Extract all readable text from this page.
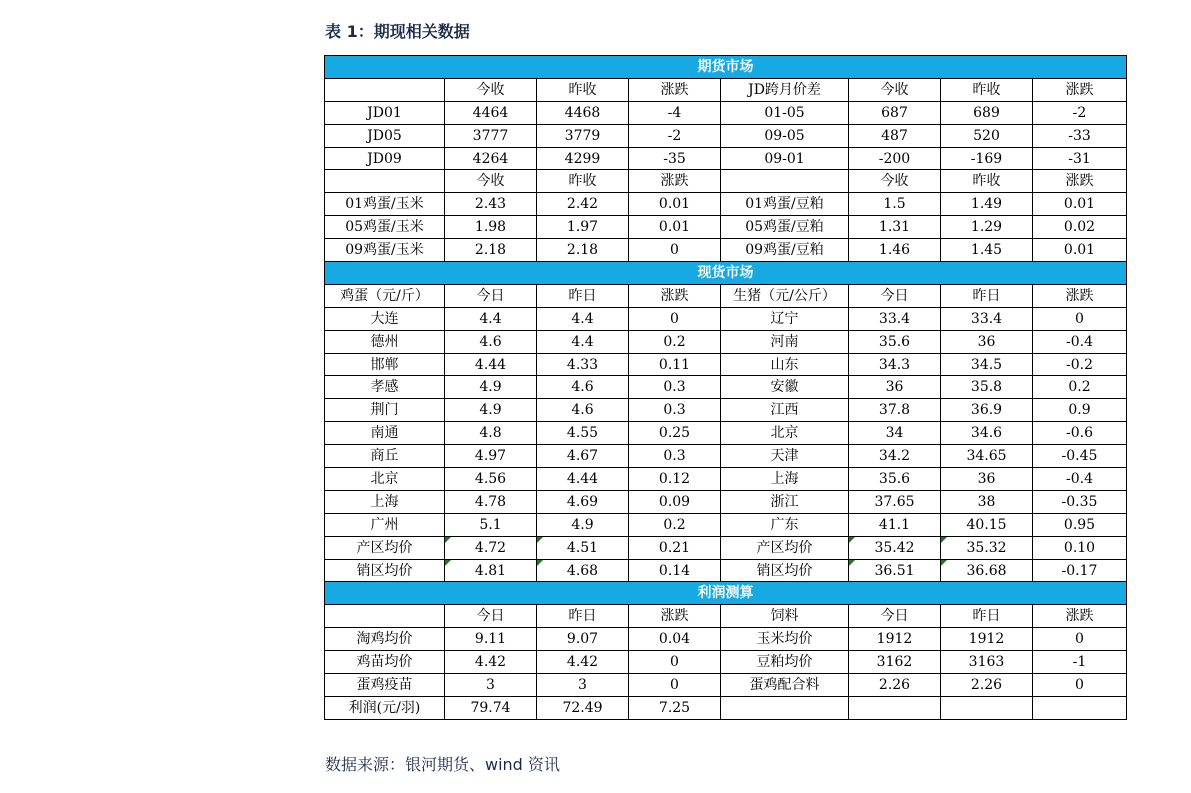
表 1：期现相关数据
期货市场							
	今收	昨收	涨跌	JD跨月价差	今收	昨收	涨跌
JD01	4464	4468	-4	01-05	687	689	-2
JD05	3777	3779	-2	09-05	487	520	-33
JD09	4264	4299	-35	09-01	-200	-169	-31
	今收	昨收	涨跌		今收	昨收	涨跌
01鸡蛋/玉米	2.43	2.42	0.01	01鸡蛋/豆粕	1.5	1.49	0.01
05鸡蛋/玉米	1.98	1.97	0.01	05鸡蛋/豆粕	1.31	1.29	0.02
09鸡蛋/玉米	2.18	2.18	0	09鸡蛋/豆粕	1.46	1.45	0.01
现货市场							
鸡蛋（元/斤）	今日	昨日	涨跌	生猪（元/公斤）	今日	昨日	涨跌
大连	4.4	4.4	0	辽宁	33.4	33.4	0
德州	4.6	4.4	0.2	河南	35.6	36	-0.4
邯郸	4.44	4.33	0.11	山东	34.3	34.5	-0.2
孝感	4.9	4.6	0.3	安徽	36	35.8	0.2
荆门	4.9	4.6	0.3	江西	37.8	36.9	0.9
南通	4.8	4.55	0.25	北京	34	34.6	-0.6
商丘	4.97	4.67	0.3	天津	34.2	34.65	-0.45
北京	4.56	4.44	0.12	上海	35.6	36	-0.4
上海	4.78	4.69	0.09	浙江	37.65	38	-0.35
广州	5.1	4.9	0.2	广东	41.1	40.15	0.95
产区均价	4.72	4.51	0.21	产区均价	35.42	35.32	0.10
销区均价	4.81	4.68	0.14	销区均价	36.51	36.68	-0.17
利润测算							
	今日	昨日	涨跌	饲料	今日	昨日	涨跌
淘鸡均价	9.11	9.07	0.04	玉米均价	1912	1912	0
鸡苗均价	4.42	4.42	0	豆粕均价	3162	3163	-1
蛋鸡疫苗	3	3	0	蛋鸡配合料	2.26	2.26	0
利润(元/羽)	79.74	72.49	7.25				
数据来源：银河期货、wind 资讯
